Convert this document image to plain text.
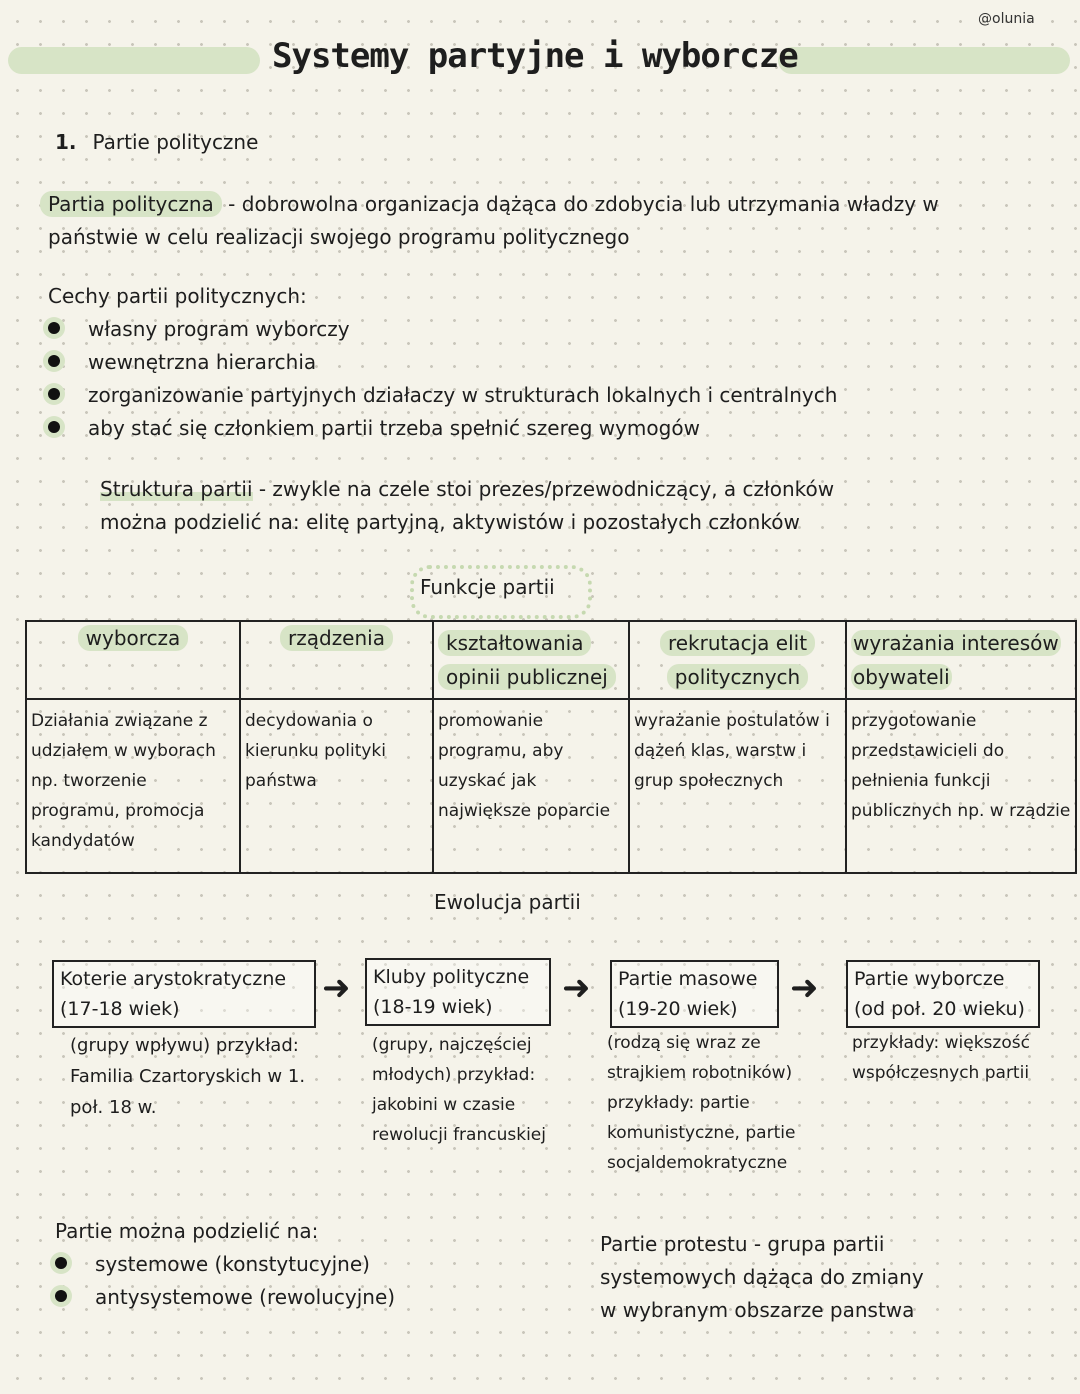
@olunia
Systemy partyjne i wyborcze
1. Partie polityczne
Partia polityczna - dobrowolna organizacja dążąca do zdobycia lub utrzymania władzy w
państwie w celu realizacji swojego programu politycznego
Cechy partii politycznych:
własny program wyborczy
wewnętrzna hierarchia
zorganizowanie partyjnych działaczy w strukturach lokalnych i centralnych
aby stać się członkiem partii trzeba spełnić szereg wymogów
Struktura partii - zwykle na czele stoi prezes/przewodniczący, a członków
można podzielić na: elitę partyjną, aktywistów i pozostałych członków
Funkcje partii
wyborcza	rządzenia	kształtowania opinii publicznej	rekrutacja elit politycznych	wyrażania interesów obywateli
Działania związane z udziałem w wyborach np. tworzenie programu, promocja kandydatów	decydowania o kierunku polityki państwa	promowanie programu, aby uzyskać jak największe poparcie	wyrażanie postulatów i dążeń klas, warstw i grup społecznych	przygotowanie przedstawicieli do pełnienia funkcji publicznych np. w rządzie
Ewolucja partii
Koterie arystokratyczne
(17-18 wiek)
➜ Kluby polityczne
(18-19 wiek)	➜ Partie masowe
(19-20 wiek)
➜ Partie wyborcze
(od poł. 20 wieku)
(grupy wpływu) przykład: Familia Czartoryskich w 1. poł. 18 w.
(grupy, najczęściej młodych) przykład: jakobini w czasie rewolucji francuskiej
(rodzą się wraz ze strajkiem robotników) przykłady: partie komunistyczne, partie socjaldemokratyczne
przykłady: większość współczesnych partii
Partie można podzielić na:
systemowe (konstytucyjne)
antysystemowe (rewolucyjne)
Partie protestu - grupa partii
systemowych dążąca do zmiany
w wybranym obszarze panstwa
